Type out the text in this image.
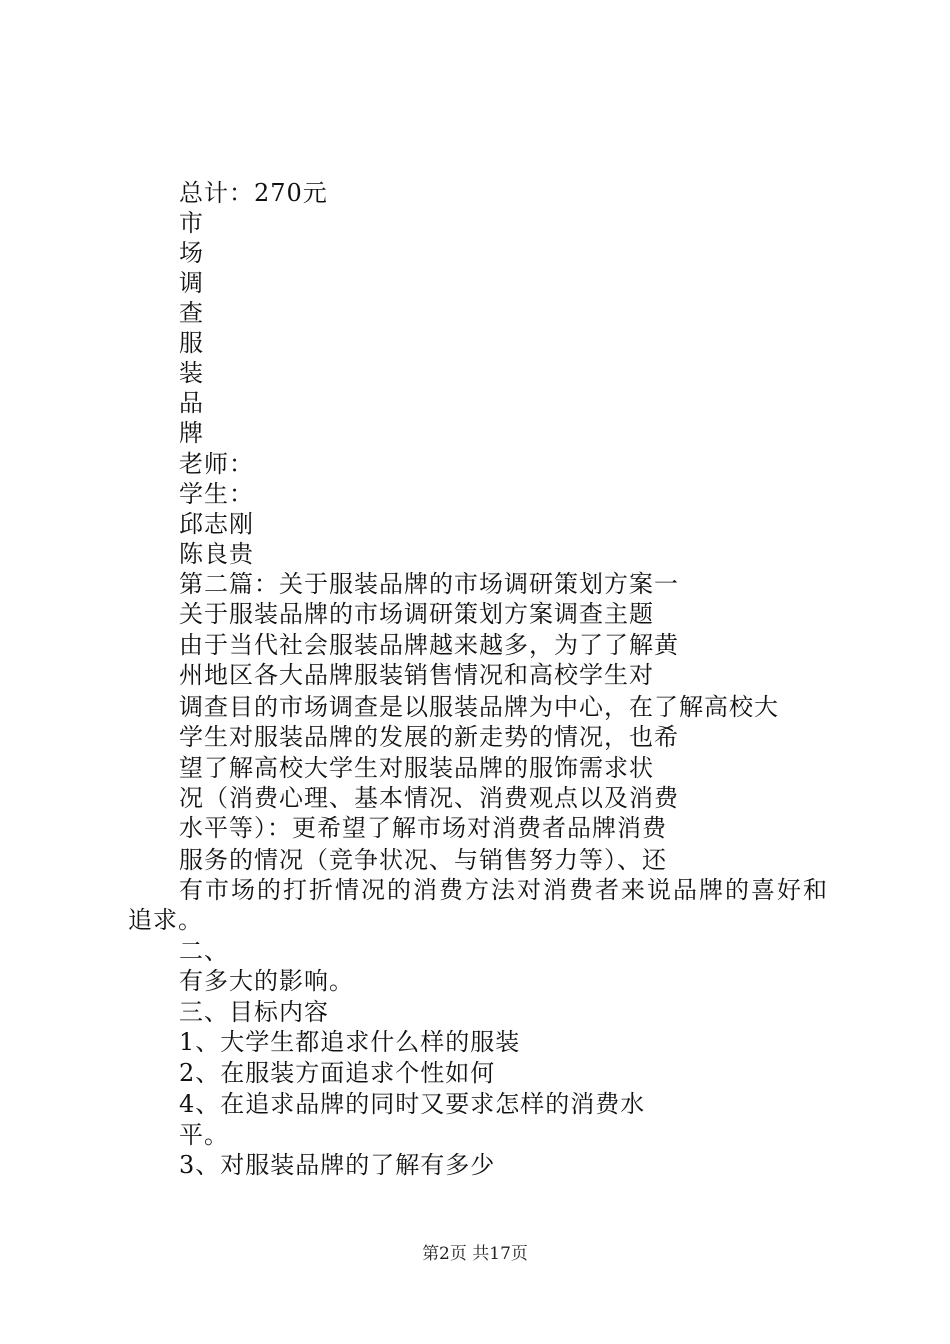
总计：270元
市
场
调
查
服
装
品
牌
老师：
学生：
邱志刚
陈良贵
第二篇：关于服装品牌的市场调研策划方案一
关于服装品牌的市场调研策划方案调查主题
由于当代社会服装品牌越来越多，为了了解黄
州地区各大品牌服装销售情况和高校学生对
调查目的市场调查是以服装品牌为中心，在了解高校大
学生对服装品牌的发展的新走势的情况，也希
望了解高校大学生对服装品牌的服饰需求状
况（消费心理、基本情况、消费观点以及消费
水平等）：更希望了解市场对消费者品牌消费
服务的情况（竞争状况、与销售努力等）、还
有市场的打折情况的消费方法对消费者来说品牌的喜好和
追求。
二、
有多大的影响。
三、目标内容
1、大学生都追求什么样的服装
2、在服装方面追求个性如何
4、在追求品牌的同时又要求怎样的消费水
平。
3、对服装品牌的了解有多少
第2页 共17页
